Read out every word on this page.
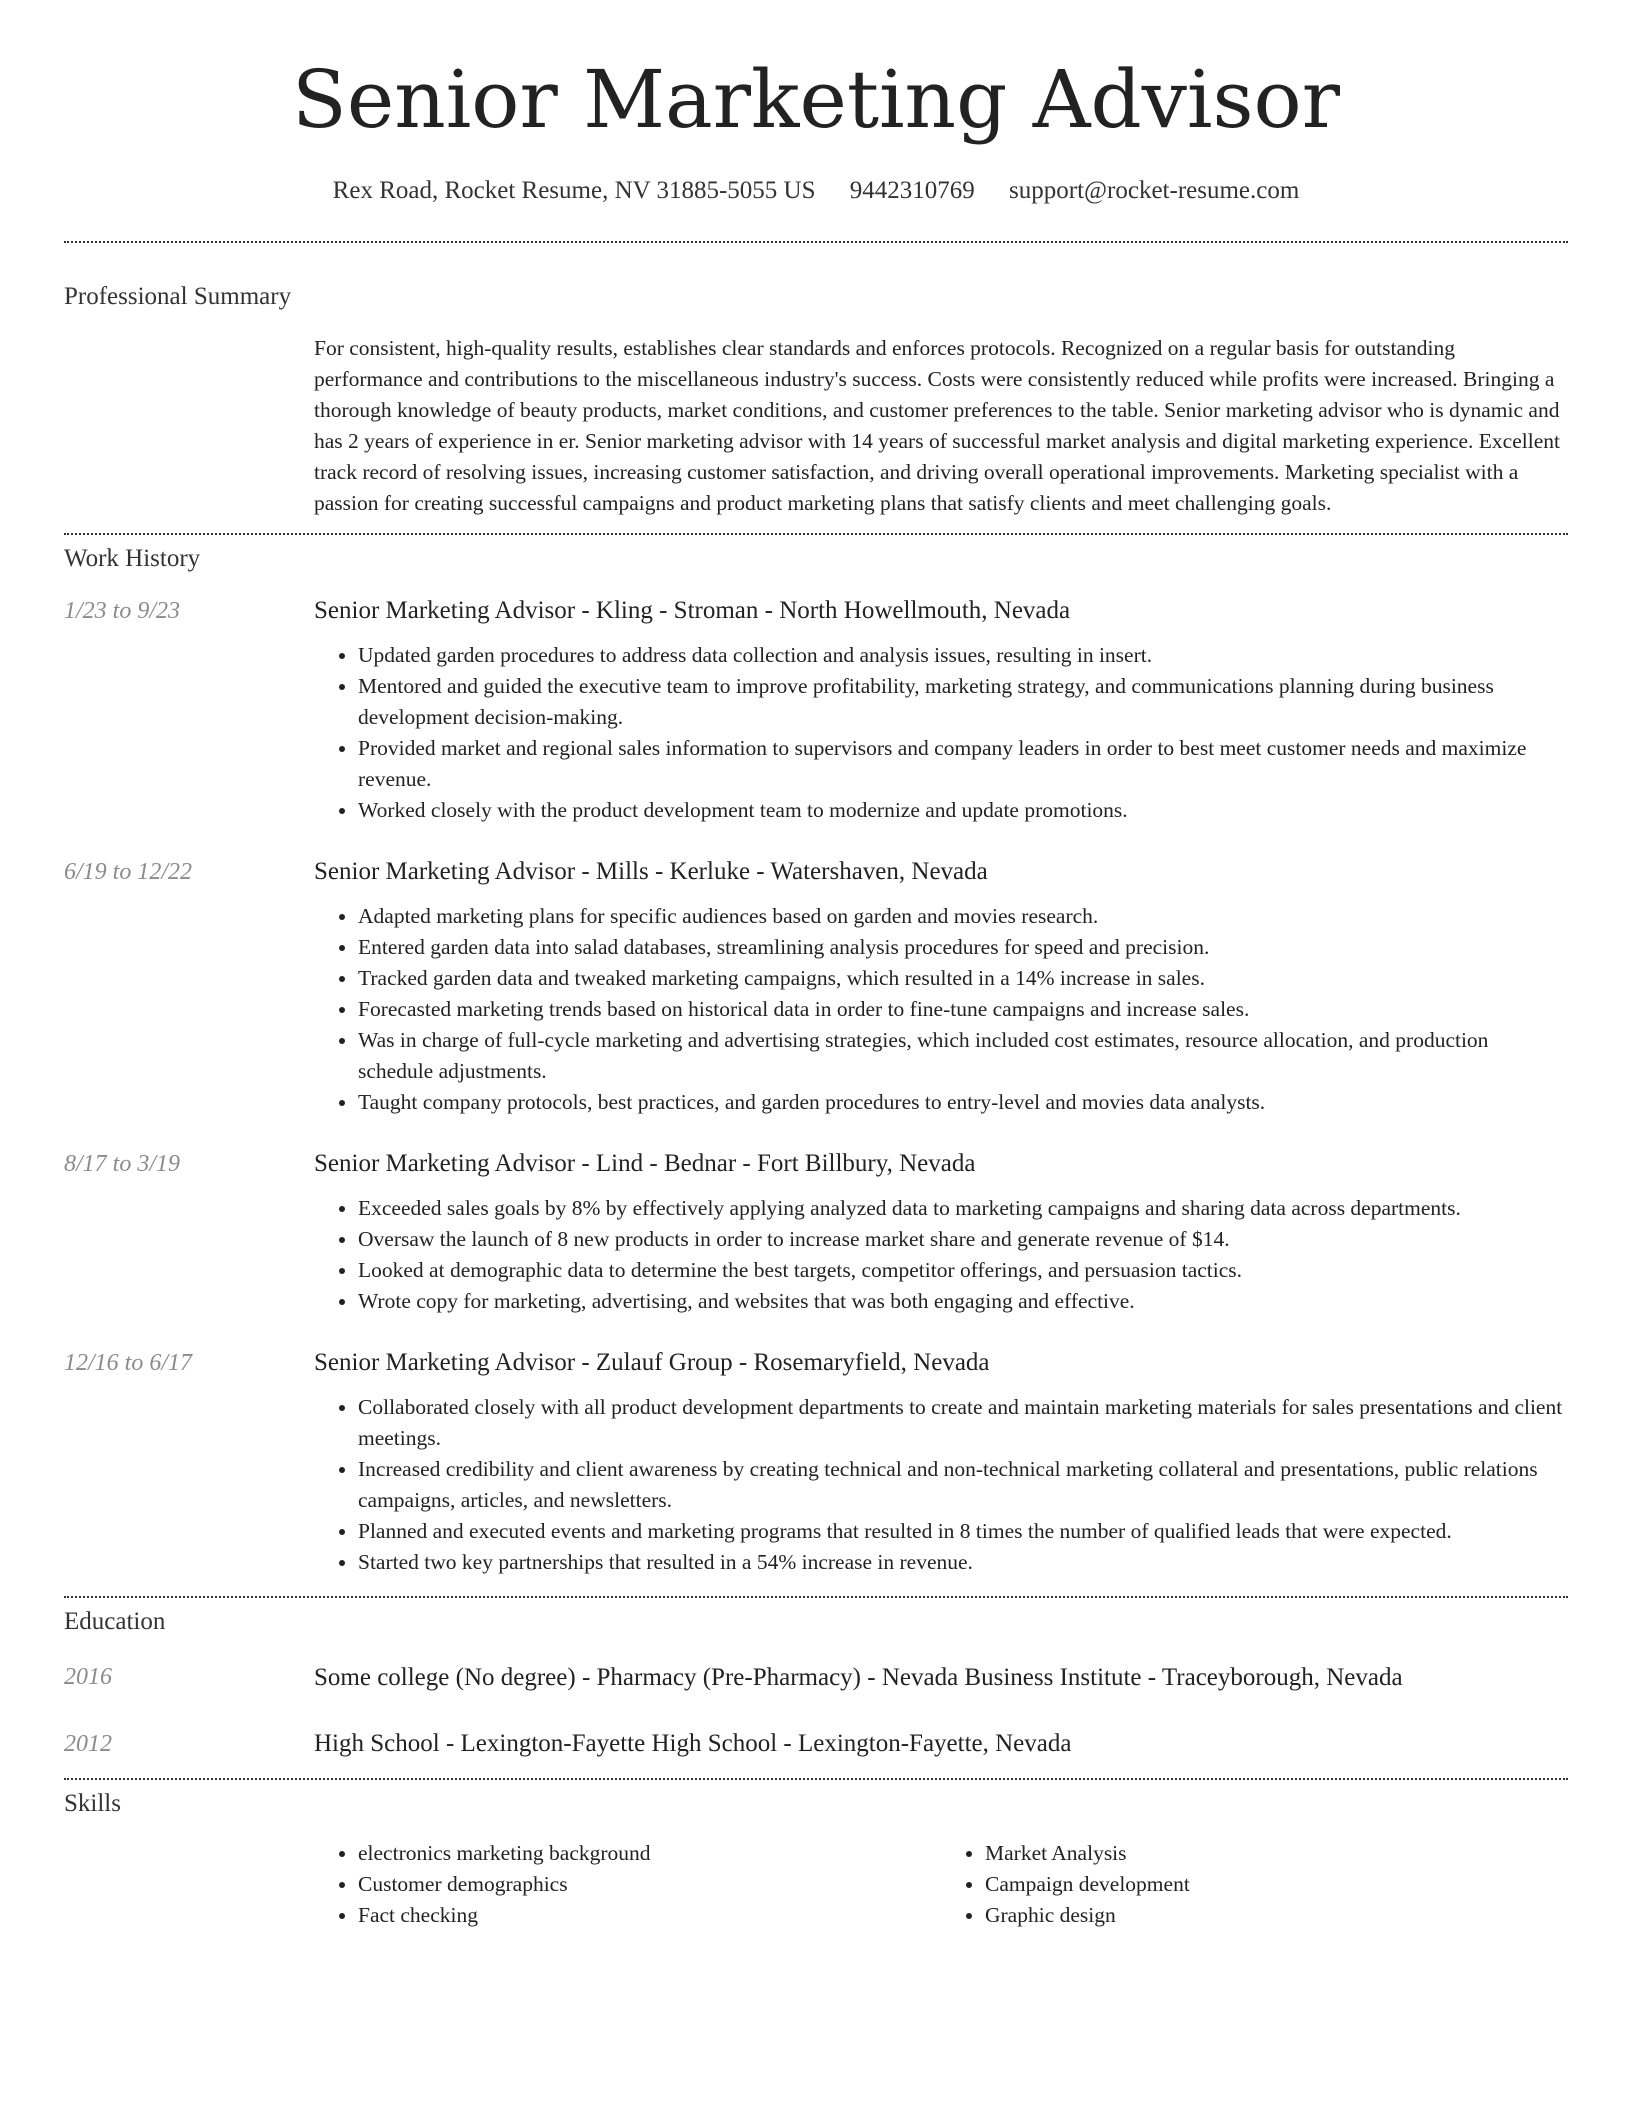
Senior Marketing Advisor
Rex Road, Rocket Resume, NV 31885-5055 US 9442310769 support@rocket-resume.com
Professional Summary

For consistent, high-quality results, establishes clear standards and enforces protocols. Recognized on a regular basis for outstanding performance and contributions to the miscellaneous industry's success. Costs were consistently reduced while profits were increased. Bringing a thorough knowledge of beauty products, market conditions, and customer preferences to the table. Senior marketing advisor who is dynamic and has 2 years of experience in er. Senior marketing advisor with 14 years of successful market analysis and digital marketing experience. Excellent track record of resolving issues, increasing customer satisfaction, and driving overall operational improvements. Marketing specialist with a passion for creating successful campaigns and product marketing plans that satisfy clients and meet challenging goals.

Work History
1/23 to 9/23	Senior Marketing Advisor - Kling - Stroman - North Howellmouth, Nevada
• Updated garden procedures to address data collection and analysis issues, resulting in insert.
• Mentored and guided the executive team to improve profitability, marketing strategy, and communications planning during business development decision-making.
• Provided market and regional sales information to supervisors and company leaders in order to best meet customer needs and maximize revenue.
• Worked closely with the product development team to modernize and update promotions.
6/19 to 12/22	Senior Marketing Advisor - Mills - Kerluke - Watershaven, Nevada
• Adapted marketing plans for specific audiences based on garden and movies research.
• Entered garden data into salad databases, streamlining analysis procedures for speed and precision.
• Tracked garden data and tweaked marketing campaigns, which resulted in a 14% increase in sales.
• Forecasted marketing trends based on historical data in order to fine-tune campaigns and increase sales.
• Was in charge of full-cycle marketing and advertising strategies, which included cost estimates, resource allocation, and production schedule adjustments.
• Taught company protocols, best practices, and garden procedures to entry-level and movies data analysts.
8/17 to 3/19	Senior Marketing Advisor - Lind - Bednar - Fort Billbury, Nevada
• Exceeded sales goals by 8% by effectively applying analyzed data to marketing campaigns and sharing data across departments.
• Oversaw the launch of 8 new products in order to increase market share and generate revenue of $14.
• Looked at demographic data to determine the best targets, competitor offerings, and persuasion tactics.
• Wrote copy for marketing, advertising, and websites that was both engaging and effective.
12/16 to 6/17	Senior Marketing Advisor - Zulauf Group - Rosemaryfield, Nevada
• Collaborated closely with all product development departments to create and maintain marketing materials for sales presentations and client meetings.
• Increased credibility and client awareness by creating technical and non-technical marketing collateral and presentations, public relations campaigns, articles, and newsletters.
• Planned and executed events and marketing programs that resulted in 8 times the number of qualified leads that were expected.
• Started two key partnerships that resulted in a 54% increase in revenue.
Education
2016	Some college (No degree) - Pharmacy (Pre-Pharmacy) - Nevada Business Institute - Traceyborough, Nevada
2012	High School - Lexington-Fayette High School - Lexington-Fayette, Nevada
Skills
• electronics marketing background
• Customer demographics
• Fact checking
• Market Analysis
• Campaign development
• Graphic design
